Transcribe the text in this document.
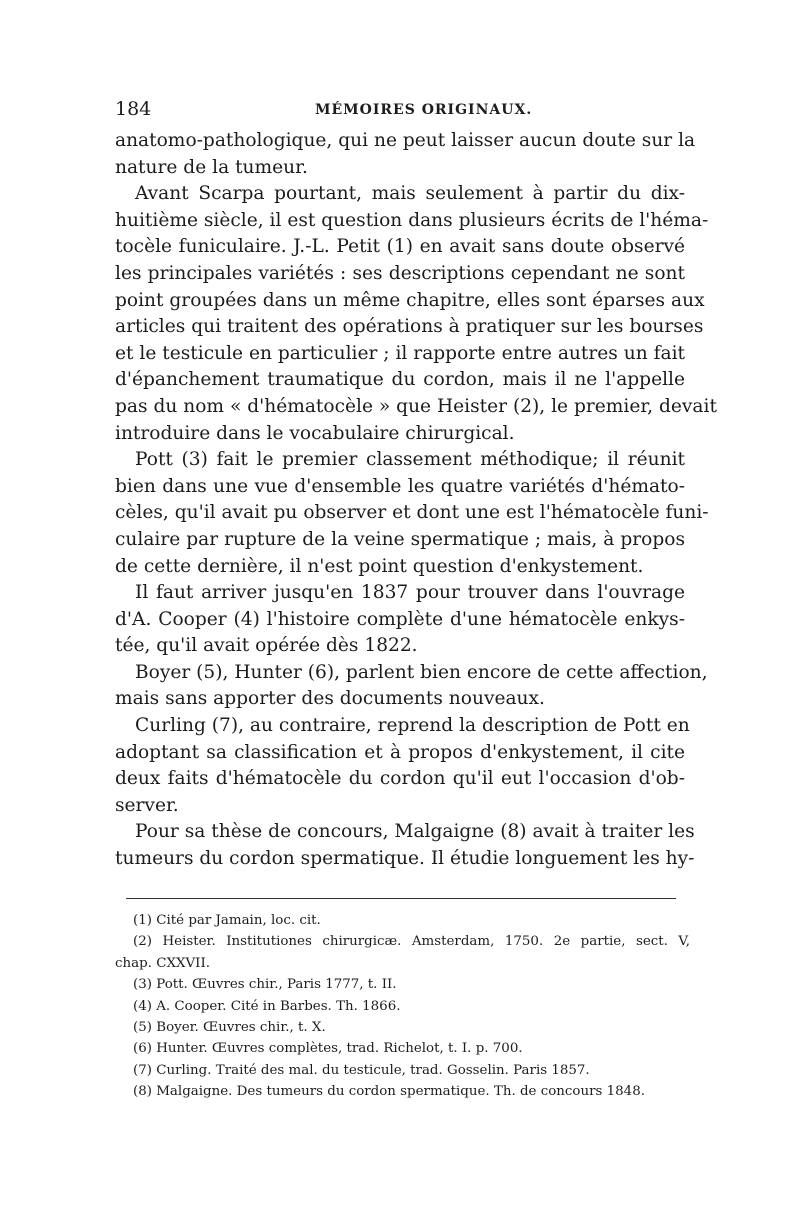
184	MÉMOIRES ORIGINAUX.
anatomo-pathologique, qui ne peut laisser aucun doute sur la
nature de la tumeur.
Avant Scarpa pourtant, mais seulement à partir du dix-
huitième siècle, il est question dans plusieurs écrits de l'héma-
tocèle funiculaire. J.-L. Petit (1) en avait sans doute observé
les principales variétés : ses descriptions cependant ne sont
point groupées dans un même chapitre, elles sont éparses aux
articles qui traitent des opérations à pratiquer sur les bourses
et le testicule en particulier ; il rapporte entre autres un fait
d'épanchement traumatique du cordon, mais il ne l'appelle
pas du nom « d'hématocèle » que Heister (2), le premier, devait
introduire dans le vocabulaire chirurgical.
Pott (3) fait le premier classement méthodique; il réunit
bien dans une vue d'ensemble les quatre variétés d'hémato-
cèles, qu'il avait pu observer et dont une est l'hématocèle funi-
culaire par rupture de la veine spermatique ; mais, à propos
de cette dernière, il n'est point question d'enkystement.
Il faut arriver jusqu'en 1837 pour trouver dans l'ouvrage
d'A. Cooper (4) l'histoire complète d'une hématocèle enkys-
tée, qu'il avait opérée dès 1822.
Boyer (5), Hunter (6), parlent bien encore de cette affection,
mais sans apporter des documents nouveaux.
Curling (7), au contraire, reprend la description de Pott en
adoptant sa classification et à propos d'enkystement, il cite
deux faits d'hématocèle du cordon qu'il eut l'occasion d'ob-
server.
Pour sa thèse de concours, Malgaigne (8) avait à traiter les
tumeurs du cordon spermatique. Il étudie longuement les hy-
(1) Cité par Jamain, loc. cit.
(2) Heister. Institutiones chirurgicæ. Amsterdam, 1750. 2e partie, sect. V,
chap. CXXVII.
(3) Pott. Œuvres chir., Paris 1777, t. II.
(4) A. Cooper. Cité in Barbes. Th. 1866.
(5) Boyer. Œuvres chir., t. X.
(6) Hunter. Œuvres complètes, trad. Richelot, t. I. p. 700.
(7) Curling. Traité des mal. du testicule, trad. Gosselin. Paris 1857.
(8) Malgaigne. Des tumeurs du cordon spermatique. Th. de concours 1848.
